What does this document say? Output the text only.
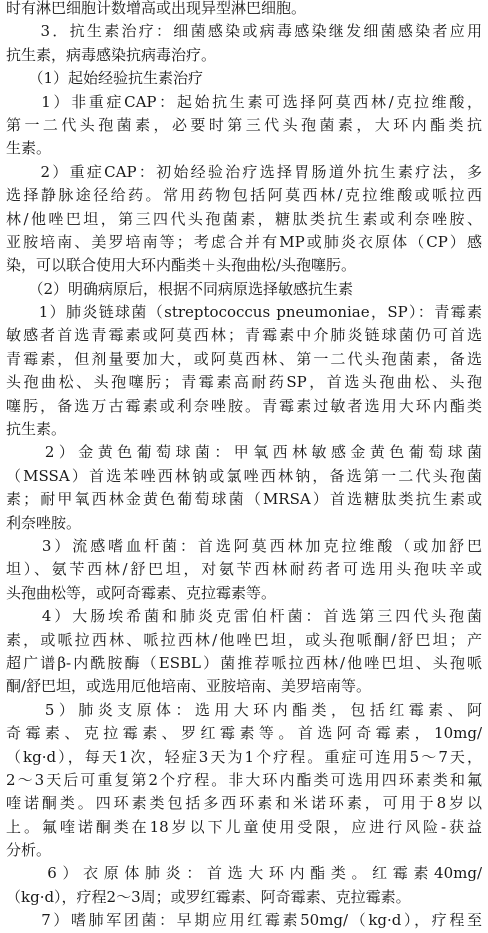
时有淋巴细胞计数增高或出现异型淋巴细胞。
　　3．抗生素治疗：细菌感染或病毒感染继发细菌感染者应用
抗生素，病毒感染抗病毒治疗。
　　（1）起始经验抗生素治疗
　　1）非重症CAP：起始抗生素可选择阿莫西林/克拉维酸，
第一二代头孢菌素，必要时第三代头孢菌素，大环内酯类抗
生素。
　　2）重症CAP：初始经验治疗选择胃肠道外抗生素疗法，多
选择静脉途径给药。常用药物包括阿莫西林/克拉维酸或哌拉西
林/他唑巴坦，第三四代头孢菌素，糖肽类抗生素或利奈唑胺、
亚胺培南、美罗培南等；考虑合并有MP或肺炎衣原体（CP）感
染，可以联合使用大环内酯类＋头孢曲松/头孢噻肟。
　　（2）明确病原后，根据不同病原选择敏感抗生素
　　1）肺炎链球菌（streptococcus pneumoniae，SP）：青霉素
敏感者首选青霉素或阿莫西林；青霉素中介肺炎链球菌仍可首选
青霉素，但剂量要加大，或阿莫西林、第一二代头孢菌素，备选
头孢曲松、头孢噻肟；青霉素高耐药SP，首选头孢曲松、头孢
噻肟，备选万古霉素或利奈唑胺。青霉素过敏者选用大环内酯类
抗生素。
　　2）金黄色葡萄球菌：甲氧西林敏感金黄色葡萄球菌
（MSSA）首选苯唑西林钠或氯唑西林钠，备选第一二代头孢菌
素；耐甲氧西林金黄色葡萄球菌（MRSA）首选糖肽类抗生素或
利奈唑胺。
　　3）流感嗜血杆菌：首选阿莫西林加克拉维酸（或加舒巴
坦）、氨苄西林/舒巴坦，对氨苄西林耐药者可选用头孢呋辛或
头孢曲松等，或阿奇霉素、克拉霉素等。
　　4）大肠埃希菌和肺炎克雷伯杆菌：首选第三四代头孢菌
素，或哌拉西林、哌拉西林/他唑巴坦，或头孢哌酮/舒巴坦；产
超广谱β-内酰胺酶（ESBL）菌推荐哌拉西林/他唑巴坦、头孢哌
酮/舒巴坦，或选用厄他培南、亚胺培南、美罗培南等。
　　5）肺炎支原体：选用大环内酯类，包括红霉素、阿
奇霉素、克拉霉素、罗红霉素等。首选阿奇霉素，10mg/
（kg·d），每天1次，轻症3天为1个疗程。重症可连用5～7天，
2～3天后可重复第2个疗程。非大环内酯类可选用四环素类和氟
喹诺酮类。四环素类包括多西环素和米诺环素，可用于8岁以
上。氟喹诺酮类在18岁以下儿童使用受限，应进行风险-获益
分析。
　　6）衣原体肺炎：首选大环内酯类。红霉素40mg/
（kg·d），疗程2～3周；或罗红霉素、阿奇霉素、克拉霉素。
　　7）嗜肺军团菌：早期应用红霉素50mg/（kg·d），疗程至
